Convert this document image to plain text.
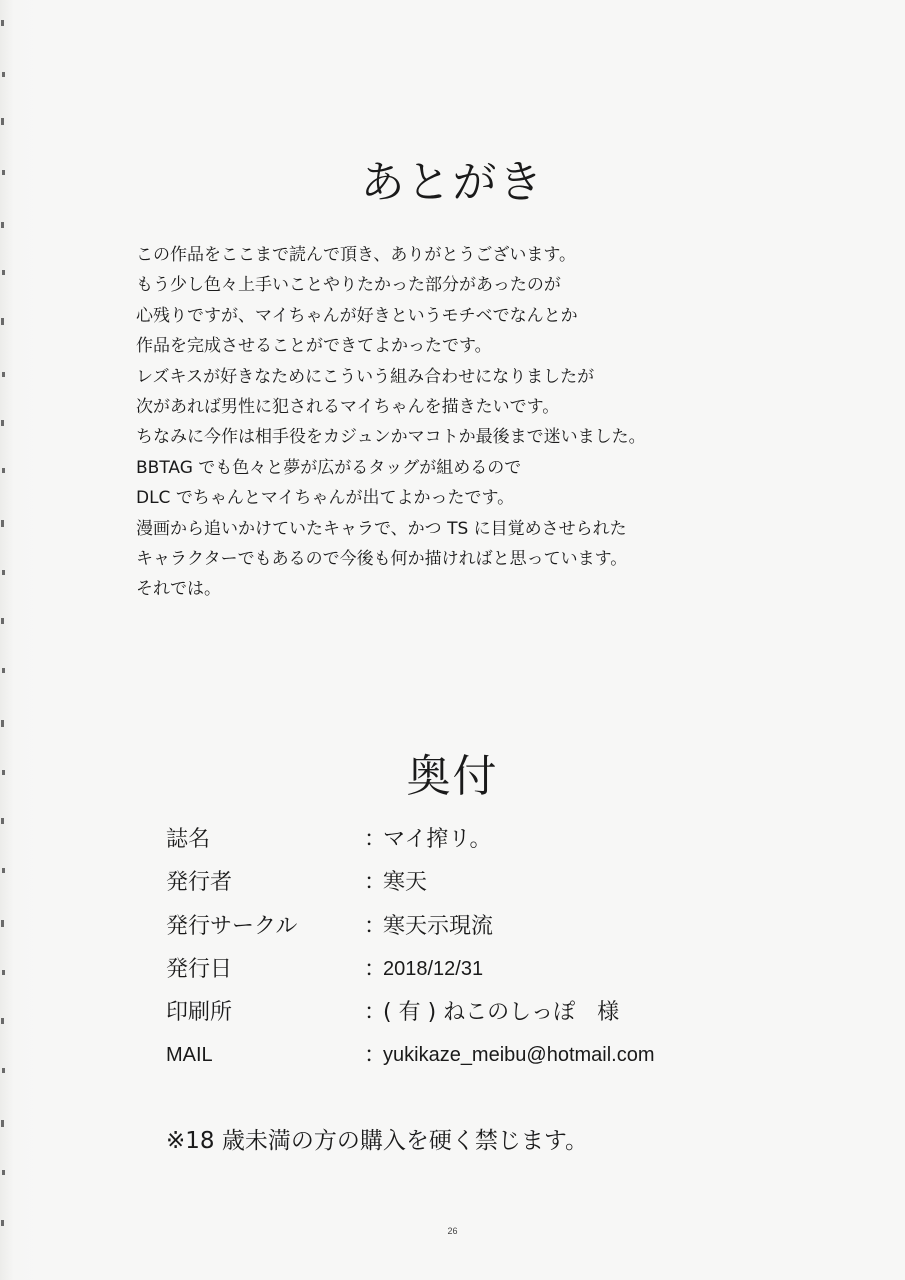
あとがき
この作品をここまで読んで頂き、ありがとうございます。
もう少し色々上手いことやりたかった部分があったのが
心残りですが、マイちゃんが好きというモチベでなんとか
作品を完成させることができてよかったです。
レズキスが好きなためにこういう組み合わせになりましたが
次があれば男性に犯されるマイちゃんを描きたいです。
ちなみに今作は相手役をカジュンかマコトか最後まで迷いました。
BBTAG でも色々と夢が広がるタッグが組めるので
DLC でちゃんとマイちゃんが出てよかったです。
漫画から追いかけていたキャラで、かつ TS に目覚めさせられた
キャラクターでもあるので今後も何か描ければと思っています。
それでは。
奥付
誌名	：
マイ搾リ。
発行者	：
寒天
発行サークル	：
寒天示現流
発行日	：
2018/12/31
印刷所	：
( 有 ) ねこのしっぽ　様
MAIL	：
yukikaze_meibu@hotmail.com
※18 歳未満の方の購入を硬く禁じます。
26
